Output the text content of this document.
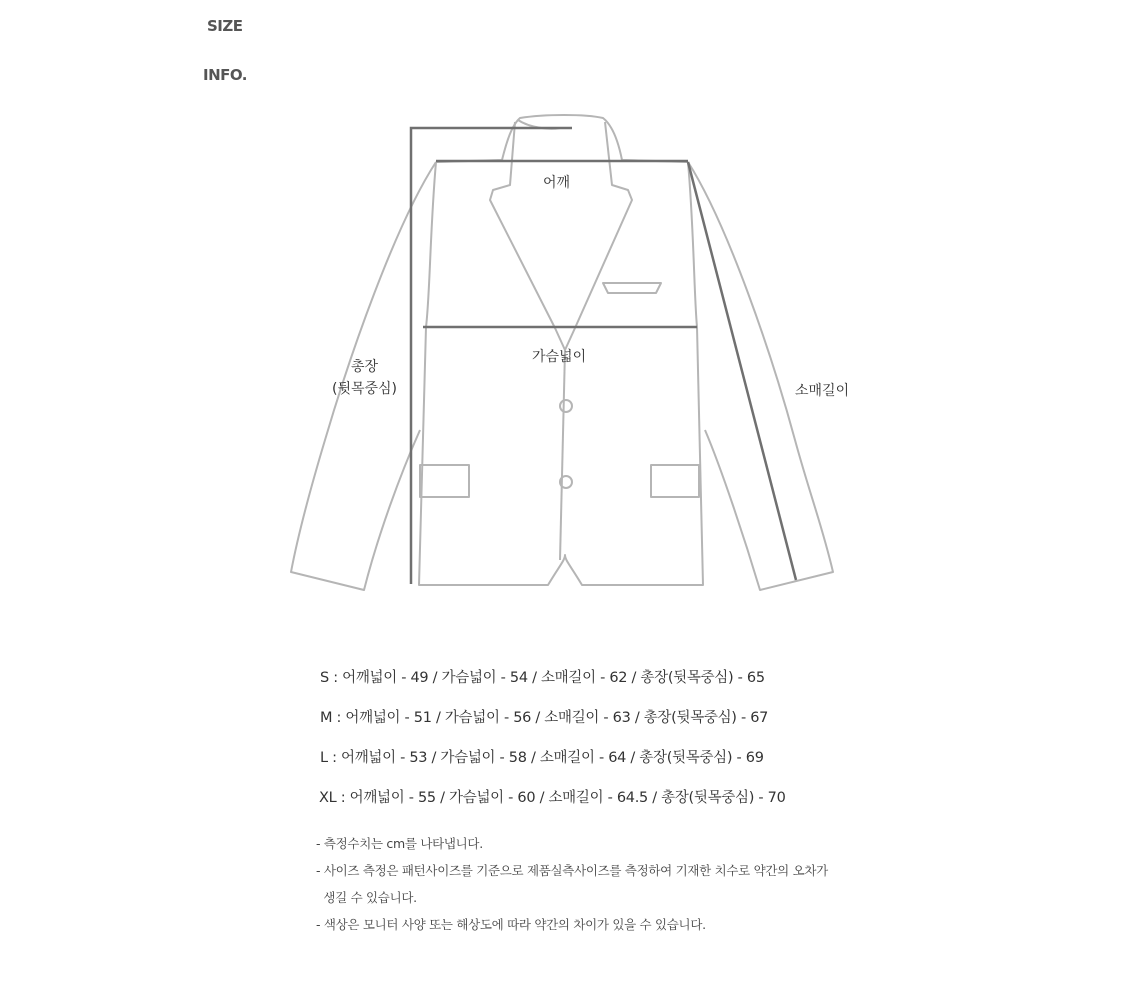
SIZE
INFO.
어깨
가슴넓이
소매길이
총장
(뒷목중심)
S : 어깨넓이 - 49 / 가슴넓이 - 54 / 소매길이 - 62 / 총장(뒷목중심) - 65
M : 어깨넓이 - 51 / 가슴넓이 - 56 / 소매길이 - 63 / 총장(뒷목중심) - 67
L : 어깨넓이 - 53 / 가슴넓이 - 58 / 소매길이 - 64 / 총장(뒷목중심) - 69
XL : 어깨넓이 - 55 / 가슴넓이 - 60 / 소매길이 - 64.5 / 총장(뒷목중심) - 70
- 측정수치는 cm를 나타냅니다.
- 사이즈 측정은 패턴사이즈를 기준으로 제품실측사이즈를 측정하여 기재한 치수로 약간의 오차가
생길 수 있습니다.
- 색상은 모니터 사양 또는 해상도에 따라 약간의 차이가 있을 수 있습니다.
